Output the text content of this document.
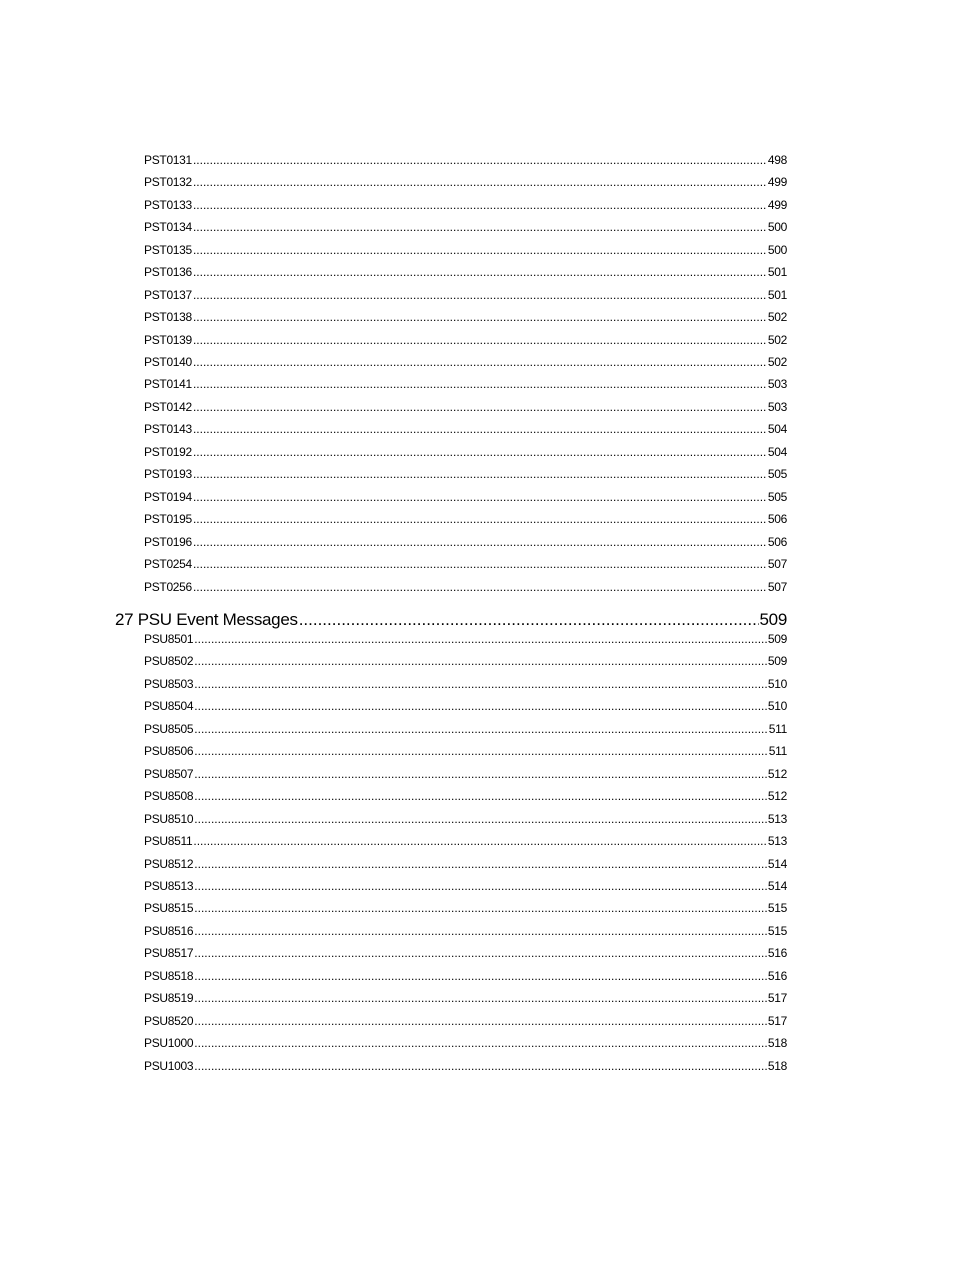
PST0131 .....	498
PST0132 .....	499
PST0133 .....	499
PST0134 .....	500
PST0135 .....	500
PST0136 .....	501
PST0137 .....	501
PST0138 .....	502
PST0139 .....	502
PST0140 .....	502
PST0141 .....	503
PST0142 .....	503
PST0143 .....	504
PST0192 .....	504
PST0193 .....	505
PST0194 .....	505
PST0195 .....	506
PST0196 .....	506
PST0254 .....	507
PST0256 .....	507
27 PSU Event Messages .....	509
PSU8501 .....	509
PSU8502 .....	509
PSU8503 .....	510
PSU8504 .....	510
PSU8505 .....	511
PSU8506 .....	511
PSU8507 .....	512
PSU8508 .....	512
PSU8510 .....	513
PSU8511 .....	513
PSU8512 .....	514
PSU8513 .....	514
PSU8515 .....	515
PSU8516 .....	515
PSU8517 .....	516
PSU8518 .....	516
PSU8519 .....	517
PSU8520 .....	517
PSU1000 .....	518
PSU1003 .....	518
